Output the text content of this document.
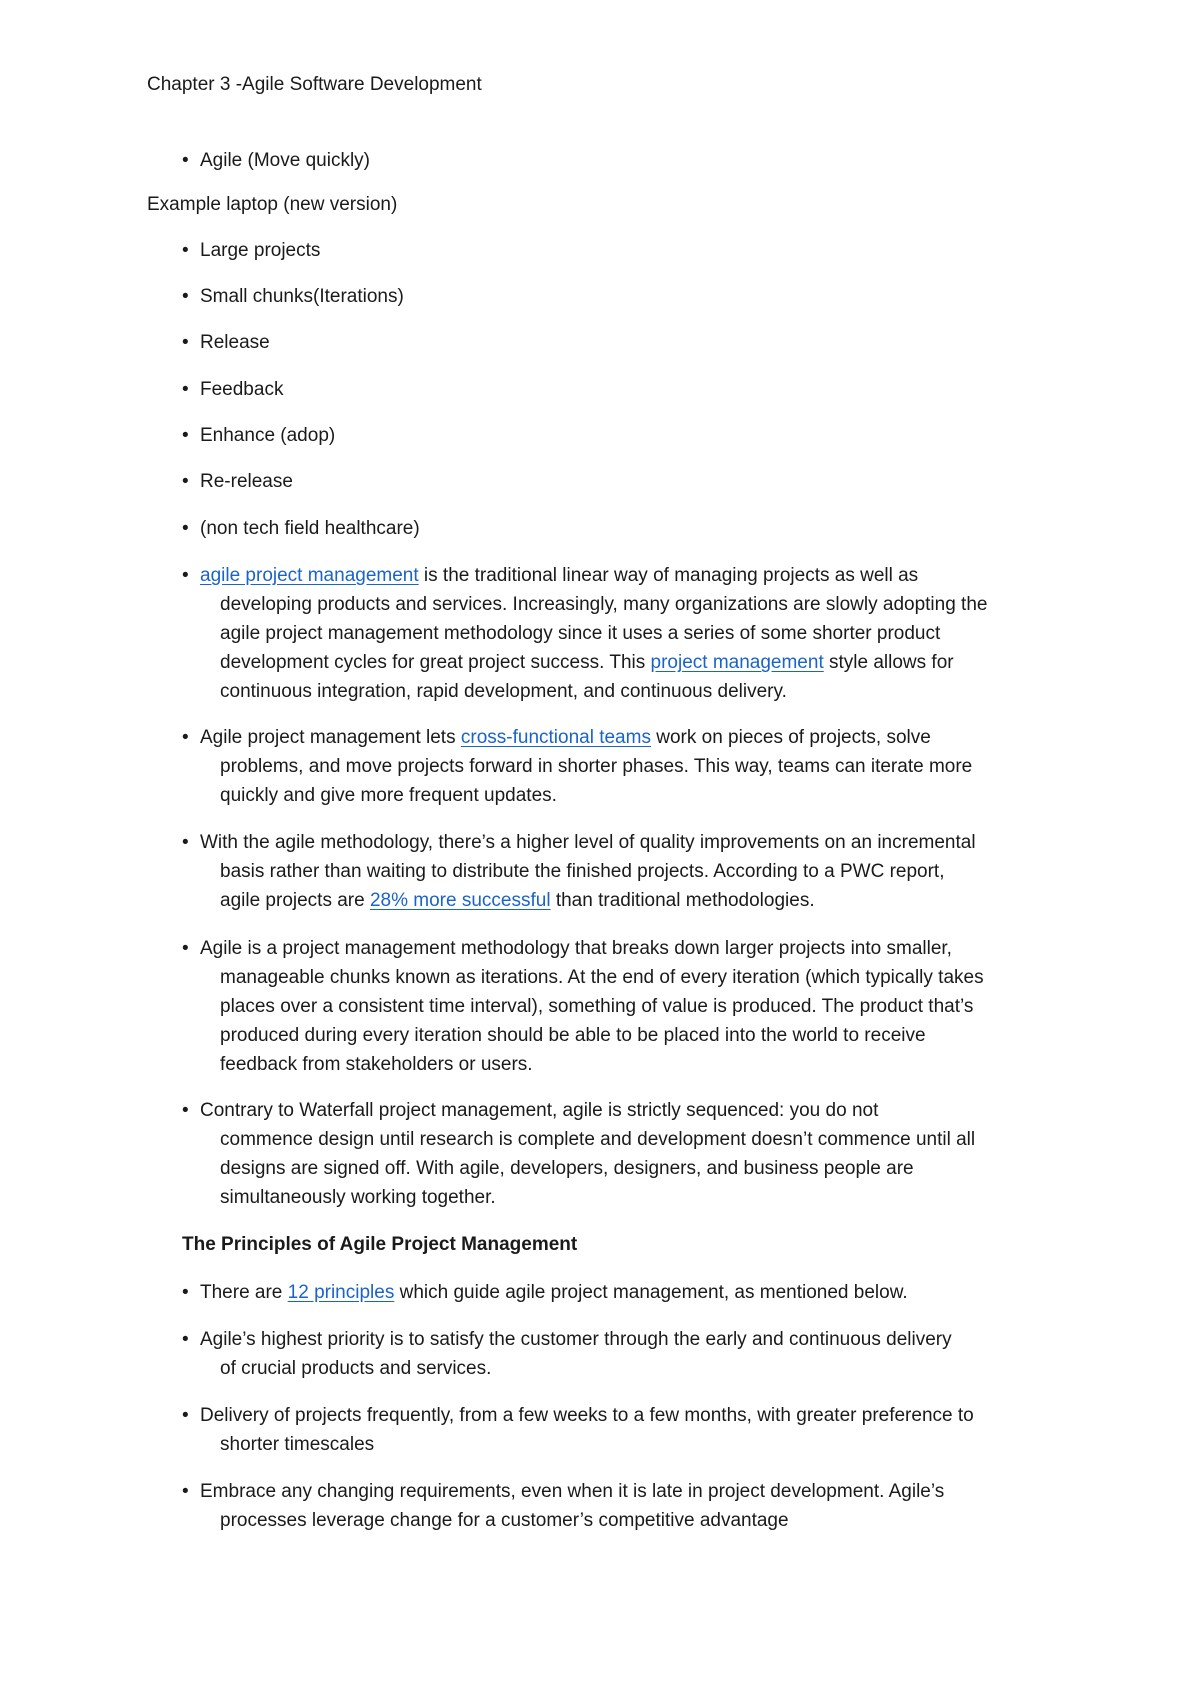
Chapter 3 -Agile Software Development

• Agile (Move quickly)

Example laptop (new version)

• Large projects

• Small chunks(Iterations)

• Release

• Feedback

• Enhance (adop)

• Re-release

• (non tech field healthcare)

• agile project management is the traditional linear way of managing projects as well as
developing products and services. Increasingly, many organizations are slowly adopting the
agile project management methodology since it uses a series of some shorter product
development cycles for great project success. This project management style allows for
continuous integration, rapid development, and continuous delivery.

• Agile project management lets cross-functional teams work on pieces of projects, solve
problems, and move projects forward in shorter phases. This way, teams can iterate more
quickly and give more frequent updates.

• With the agile methodology, there’s a higher level of quality improvements on an incremental
basis rather than waiting to distribute the finished projects. According to a PWC report,
agile projects are 28% more successful than traditional methodologies.

• Agile is a project management methodology that breaks down larger projects into smaller,
manageable chunks known as iterations. At the end of every iteration (which typically takes
places over a consistent time interval), something of value is produced. The product that’s
produced during every iteration should be able to be placed into the world to receive
feedback from stakeholders or users.

• Contrary to Waterfall project management, agile is strictly sequenced: you do not
commence design until research is complete and development doesn’t commence until all
designs are signed off. With agile, developers, designers, and business people are
simultaneously working together.

The Principles of Agile Project Management

• There are 12 principles which guide agile project management, as mentioned below.

• Agile’s highest priority is to satisfy the customer through the early and continuous delivery
of crucial products and services.

• Delivery of projects frequently, from a few weeks to a few months, with greater preference to
shorter timescales

• Embrace any changing requirements, even when it is late in project development. Agile’s
processes leverage change for a customer’s competitive advantage
